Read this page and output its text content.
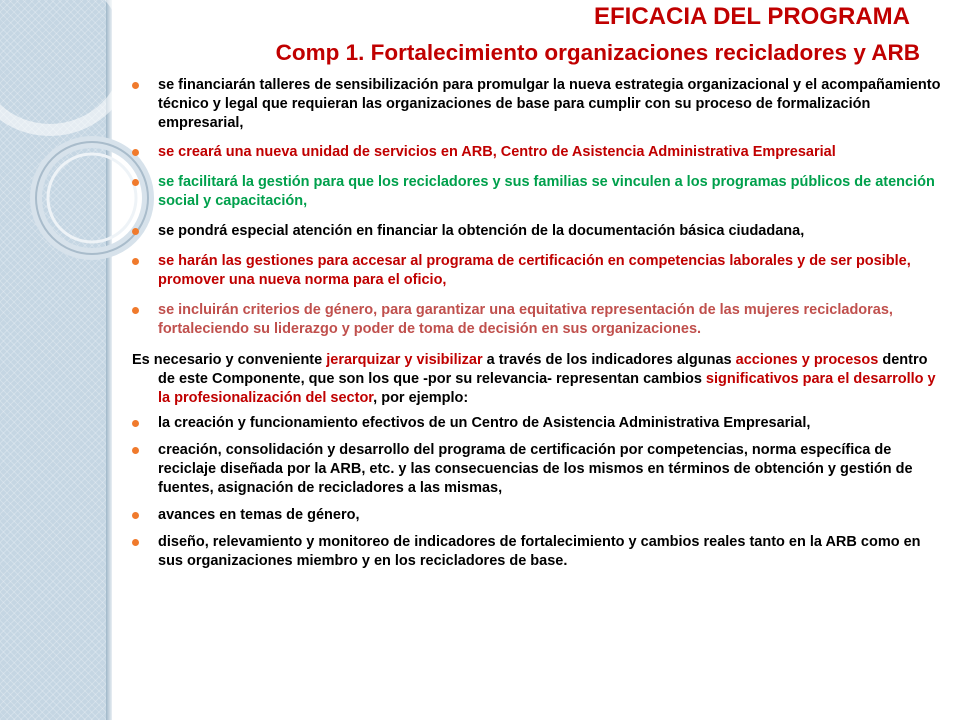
EFICACIA DEL PROGRAMA
Comp 1. Fortalecimiento organizaciones recicladores y ARB
se financiarán talleres de sensibilización para promulgar la nueva estrategia organizacional y el acompañamiento técnico y legal que requieran las organizaciones de base para cumplir con su proceso de formalización empresarial,
se creará una nueva unidad de servicios en ARB, Centro de Asistencia Administrativa Empresarial
se facilitará la gestión para que los recicladores y sus familias se vinculen a los programas públicos de atención social y capacitación,
se pondrá especial atención en financiar la obtención de la documentación básica ciudadana,
se harán las gestiones para accesar al programa de certificación en competencias laborales y de ser posible, promover una nueva norma para el oficio,
se incluirán criterios de género, para garantizar una equitativa representación de las mujeres recicladoras, fortaleciendo su liderazgo y poder de toma de decisión en sus organizaciones.
Es necesario y conveniente jerarquizar y visibilizar a través de los indicadores algunas acciones y procesos dentro de este Componente, que son los que -por su relevancia- representan cambios significativos para el desarrollo y la profesionalización del sector, por ejemplo:
la creación y funcionamiento efectivos de un Centro de Asistencia Administrativa Empresarial,
creación, consolidación y desarrollo del programa de certificación por competencias, norma específica de reciclaje diseñada por la ARB, etc. y las consecuencias de los mismos en términos de obtención y gestión de fuentes, asignación de recicladores a las mismas,
avances en temas de género,
diseño, relevamiento y monitoreo de indicadores de fortalecimiento y cambios reales tanto en la ARB como en sus organizaciones miembro y en los recicladores de base.
